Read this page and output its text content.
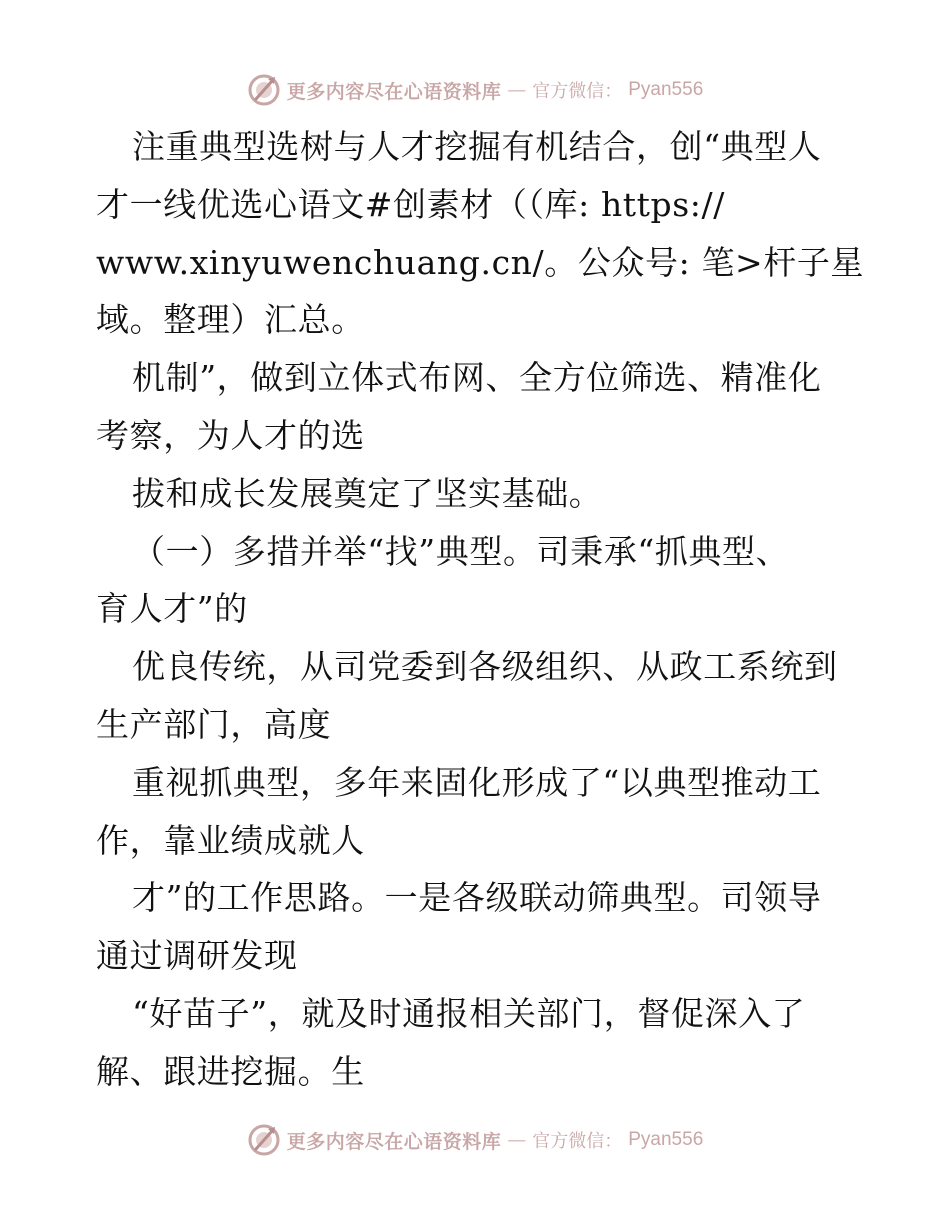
更多内容尽在心语资料库 — 官方微信： Pyan556
注重典型选树与人才挖掘有机结合，创“典型人
才一线优选心语文#创素材（（库: https://
www.xinyuwenchuang.cn/。公众号: 笔>杆子星
域。整理）汇总。
机制”，做到立体式布网、全方位筛选、精准化
考察，为人才的选
拔和成长发展奠定了坚实基础。
（一）多措并举“找”典型。司秉承“抓典型、
育人才”的
优良传统，从司党委到各级组织、从政工系统到
生产部门，高度
重视抓典型，多年来固化形成了“以典型推动工
作，靠业绩成就人
才”的工作思路。一是各级联动筛典型。司领导
通过调研发现
“好苗子”，就及时通报相关部门，督促深入了
解、跟进挖掘。生
更多内容尽在心语资料库 — 官方微信： Pyan556
